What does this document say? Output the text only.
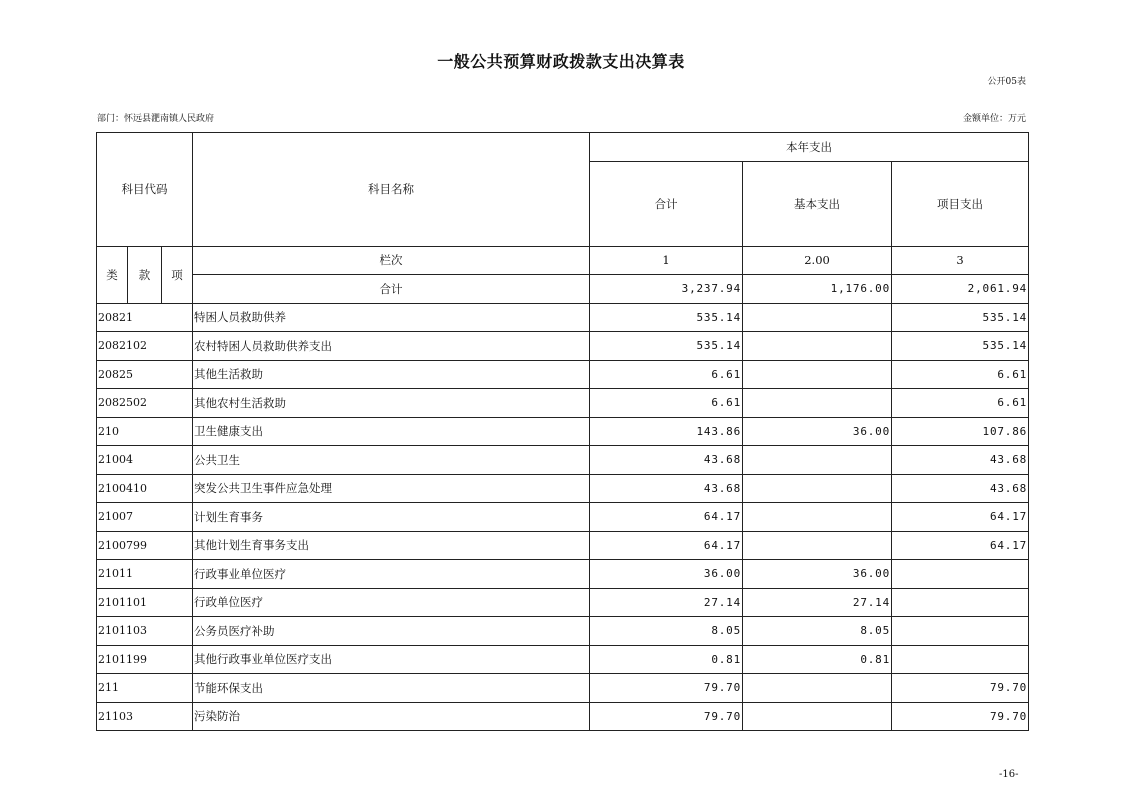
一般公共预算财政拨款支出决算表
公开05表
部门：怀远县淝南镇人民政府	金额单位：万元
科目代码			科目名称	本年支出		
				合计	基本支出	项目支出
类	款	项	栏次	1	2.00	3
			合计	3,237.94	1,176.00	2,061.94
20821			特困人员救助供养	535.14		535.14
2082102			农村特困人员救助供养支出	535.14		535.14
20825			其他生活救助	6.61		6.61
2082502			其他农村生活救助	6.61		6.61
210			卫生健康支出	143.86	36.00	107.86
21004			公共卫生	43.68		43.68
2100410			突发公共卫生事件应急处理	43.68		43.68
21007			计划生育事务	64.17		64.17
2100799			其他计划生育事务支出	64.17		64.17
21011			行政事业单位医疗	36.00	36.00	
2101101			行政单位医疗	27.14	27.14	
2101103			公务员医疗补助	8.05	8.05	
2101199			其他行政事业单位医疗支出	0.81	0.81	
211			节能环保支出	79.70		79.70
21103			污染防治	79.70		79.70
-16-
